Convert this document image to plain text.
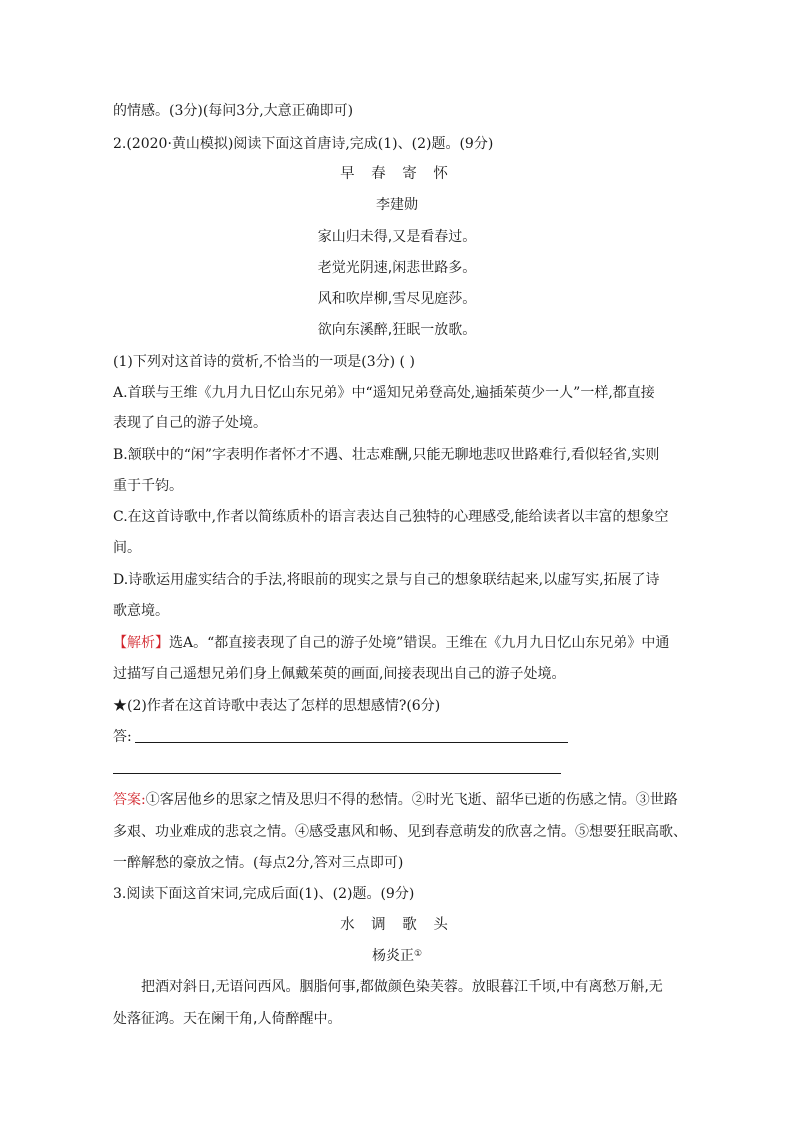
的情感。(3分)(每问3分,大意正确即可)
2.(2020·黄山模拟)阅读下面这首唐诗,完成(1)、(2)题。(9分)
早 春 寄 怀
李建勋
家山归未得,又是看春过。
老觉光阴速,闲悲世路多。
风和吹岸柳,雪尽见庭莎。
欲向东溪醉,狂眠一放歌。
(1)下列对这首诗的赏析,不恰当的一项是(3分) ( )
A.首联与王维《九月九日忆山东兄弟》中“遥知兄弟登高处,遍插茱萸少一人”一样,都直接
表现了自己的游子处境。
B.颔联中的“闲”字表明作者怀才不遇、壮志难酬,只能无聊地悲叹世路难行,看似轻省,实则
重于千钧。
C.在这首诗歌中,作者以简练质朴的语言表达自己独特的心理感受,能给读者以丰富的想象空
间。
D.诗歌运用虚实结合的手法,将眼前的现实之景与自己的想象联结起来,以虚写实,拓展了诗
歌意境。
【解析】选A。“都直接表现了自己的游子处境”错误。王维在《九月九日忆山东兄弟》中通
过描写自己遥想兄弟们身上佩戴茱萸的画面,间接表现出自己的游子处境。
★(2)作者在这首诗歌中表达了怎样的思想感情?(6分)
答:
答案:①客居他乡的思家之情及思归不得的愁情。②时光飞逝、韶华已逝的伤感之情。③世路
多艰、功业难成的悲哀之情。④感受惠风和畅、见到春意萌发的欣喜之情。⑤想要狂眠高歌、
一醉解愁的豪放之情。(每点2分,答对三点即可)
3.阅读下面这首宋词,完成后面(1)、(2)题。(9分)
水 调 歌 头
杨炎正①
把酒对斜日,无语问西风。胭脂何事,都做颜色染芙蓉。放眼暮江千顷,中有离愁万斛,无
处落征鸿。天在阑干角,人倚醉醒中。
